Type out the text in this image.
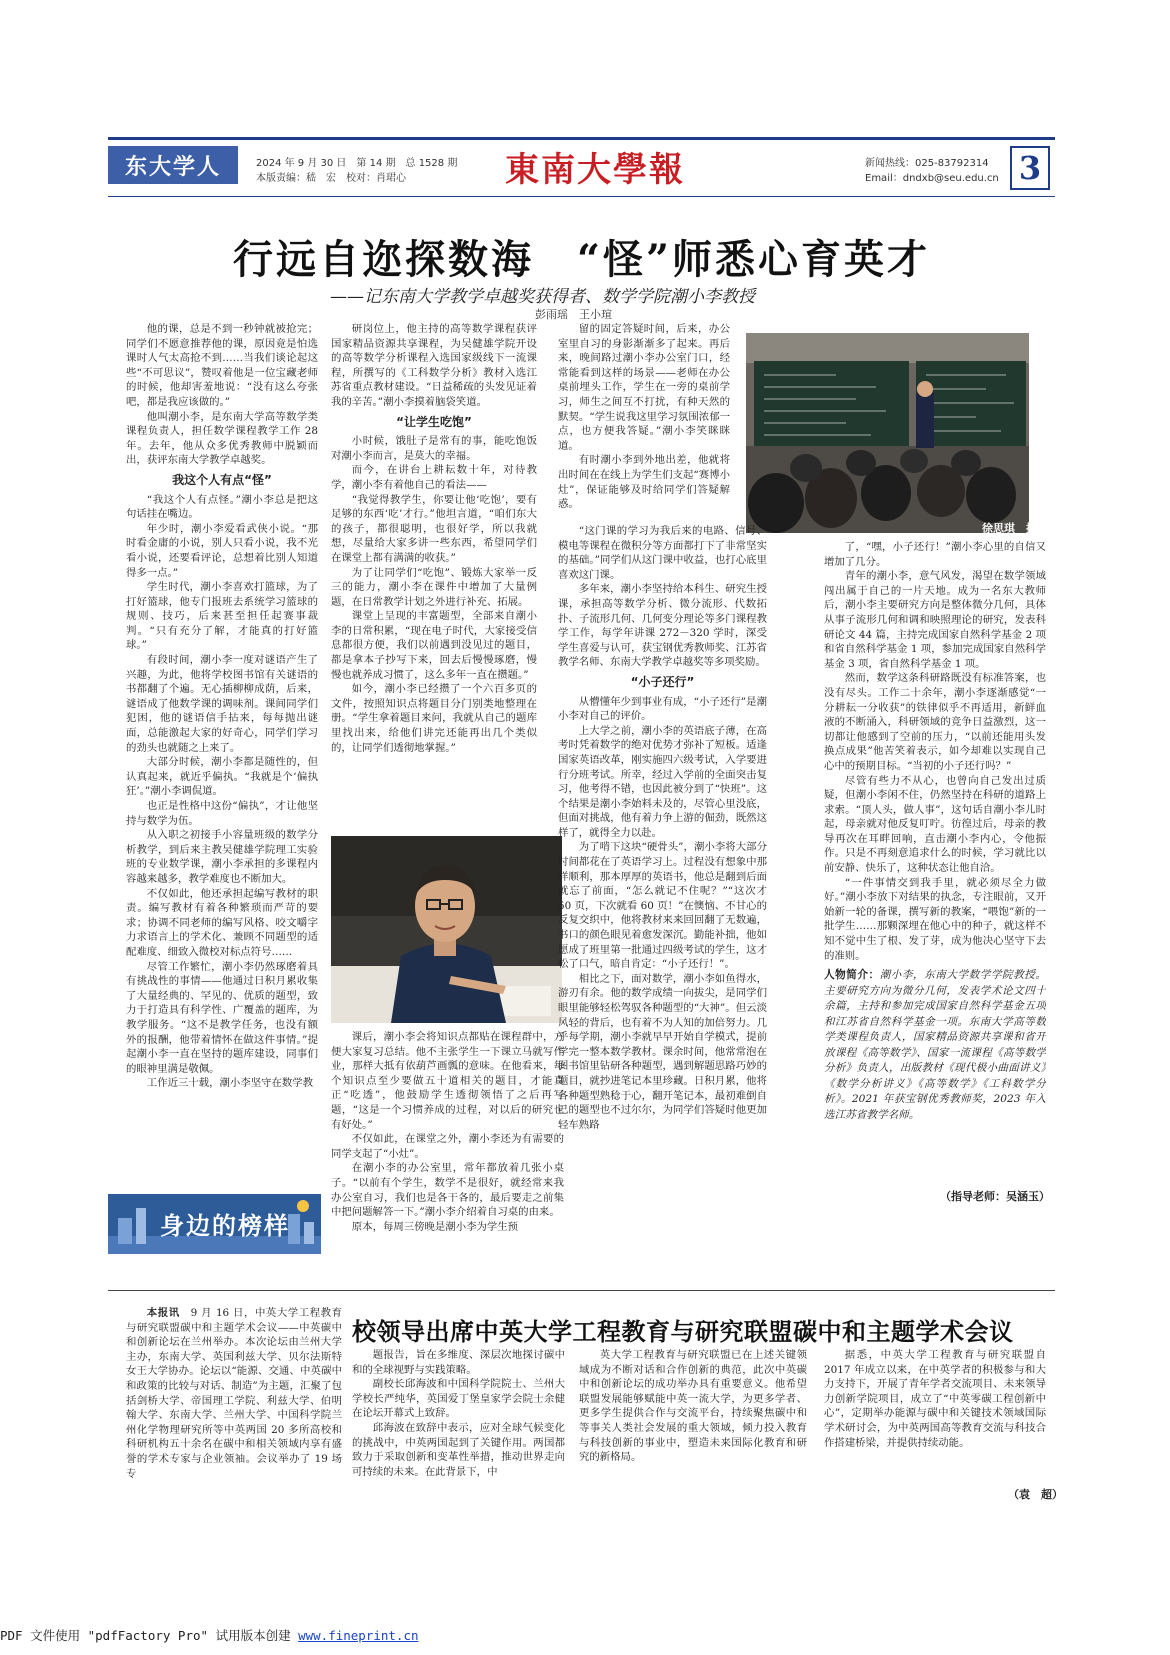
东大学人	2024 年 9 月 30 日　第 14 期　总 1528 期
本版责编：嵇　宏　校对：肖珺心	東南大學報	新闻热线：025-83792314
Email：dndxb@seu.edu.cn 3
行远自迩探数海　“怪”师悉心育英才
——记东南大学教学卓越奖获得者、数学学院潮小李教授
彭雨瑶　王小瑄

他的课，总是不到一秒钟就被抢完；同学们不愿意推荐他的课，原因竟是怕选课时人气太高抢不到……当我们谈论起这些“不可思议”，赞叹着他是一位宝藏老师的时候，他却害羞地说：“没有这么夸张吧，都是我应该做的。”

他叫潮小李，是东南大学高等数学类课程负责人，担任数学课程教学工作 28 年。去年，他从众多优秀教师中脱颖而出，获评东南大学教学卓越奖。

我这个人有点“怪”

“我这个人有点怪。”潮小李总是把这句话挂在嘴边。

年少时，潮小李爱看武侠小说。“那时看金庸的小说，别人只看小说，我不光看小说，还要看评论，总想着比别人知道得多一点。”

学生时代，潮小李喜欢打篮球，为了打好篮球，他专门报班去系统学习篮球的规则、技巧，后来甚至担任起赛事裁判。“只有充分了解，才能真的打好篮球。”

有段时间，潮小李一度对谜语产生了兴趣，为此，他将学校图书馆有关谜语的书都翻了个遍。无心插柳柳成荫，后来，谜语成了他数学课的调味剂。课间同学们犯困，他的谜语信手拈来，每每抛出谜面，总能激起大家的好奇心，同学们学习的劲头也就随之上来了。

大部分时候，潮小李都是随性的，但认真起来，就近乎偏执。“我就是个‘偏执狂’。”潮小李调侃道。

也正是性格中这份“偏执”，才让他坚持与数学为伍。

从入职之初接手小容量班级的数学分析教学，到后来主教吴健雄学院理工实验班的专业数学课，潮小李承担的多课程内容越来越多，教学难度也不断加大。

不仅如此，他还承担起编写教材的职责。编写教材有着各种繁琐而严苛的要求；协调不同老师的编写风格、咬文嚼字力求语言上的学术化、兼顾不同题型的适配难度、细致入微校对标点符号……

尽管工作繁忙，潮小李仍然琢磨着具有挑战性的事情——他通过日积月累收集了大量经典的、罕见的、优质的题型，致力于打造具有科学性、广覆盖的题库，为教学服务。“这不是教学任务，也没有额外的报酬，他带着情怀在做这件事情。”提起潮小李一直在坚持的题库建设，同事们的眼神里满是敬佩。

工作近三十载，潮小李坚守在数学教

研岗位上，他主持的高等数学课程获评国家精品资源共享课程，为吴健雄学院开设的高等数学分析课程入选国家级线下一流课程，所撰写的《工科数学分析》教材入选江苏省重点教材建设。“日益稀疏的头发见证着我的辛苦。”潮小李摸着脑袋笑道。

“让学生吃饱”

小时候，饿肚子是常有的事，能吃饱饭对潮小李而言，是莫大的幸福。

而今，在讲台上耕耘数十年，对待教学，潮小李有着他自己的看法——

“我觉得教学生，你要让他‘吃饱’，要有足够的东西‘吃’才行。”他坦言道，“咱们东大的孩子，都很聪明，也很好学，所以我就想，尽量给大家多讲一些东西，希望同学们在课堂上都有满满的收获。”

为了让同学们“吃饱”、锻炼大家举一反三的能力，潮小李在课件中增加了大量例题，在日常教学计划之外进行补充、拓展。

课堂上呈现的丰富题型，全部来自潮小李的日常积累，“现在电子时代，大家接受信息都很方便，我们以前遇到没见过的题目，都是拿本子抄写下来，回去后慢慢琢磨，慢慢也就养成习惯了，这么多年一直在攒题。”

如今，潮小李已经攒了一个六百多页的文件，按照知识点将题目分门别类地整理在册。“学生拿着题目来问，我就从自己的题库里找出来，给他们讲完还能再出几个类似的，让同学们透彻地掌握。”

课后，潮小李会将知识点都贴在课程群中，方便大家复习总结。他不主张学生一下课立马就写作业，那样大抵有依葫芦画瓢的意味。在他看来，每个知识点至少要做五十道相关的题目，才能真正“吃透”，他鼓励学生透彻领悟了之后再写题，“这是一个习惯养成的过程，对以后的研究也有好处。”

不仅如此，在课堂之外，潮小李还为有需要的同学支起了“小灶”。

在潮小李的办公室里，常年都放着几张小桌子。“以前有个学生，数学不是很好，就经常来我办公室自习，我们也是各干各的，最后要走之前集中把问题解答一下。”潮小李介绍着自习桌的由来。

原本，每周三傍晚是潮小李为学生预

留的固定答疑时间，后来，办公室里自习的身影渐渐多了起来。再后来，晚间路过潮小李办公室门口，经常能看到这样的场景——老师在办公桌前埋头工作，学生在一旁的桌前学习，师生之间互不打扰，有种天然的默契。“学生说我这里学习氛围浓郁一点，也方便我答疑。”潮小李笑眯眯道。

有时潮小李到外地出差，他就将出时间在在线上为学生们支起“赛博小灶”，保证能够及时给同学们答疑解惑。

徐思琪　摄

“这门课的学习为我后来的电路、信号、模电等课程在微积分等方面都打下了非常坚实的基础。”同学们从这门课中收益，也打心底里喜欢这门课。

多年来，潮小李坚持给本科生、研究生授课，承担高等数学分析、微分流形、代数拓扑、子流形几何、几何变分理论等多门课程教学工作，每学年讲课 272－320 学时，深受学生喜爱与认可，获宝钢优秀教师奖、江苏省教学名师、东南大学教学卓越奖等多项奖励。

“小子还行”

从懵懂年少到事业有成，“小子还行”是潮小李对自己的评价。

上大学之前，潮小李的英语底子薄，在高考时凭着数学的绝对优势才弥补了短板。适逢国家英语改革，刚实施四六级考试，入学要进行分班考试。所幸，经过入学前的全面突击复习，他考得不错，也因此被分到了“快班”。这个结果是潮小李始料未及的，尽管心里没底，但面对挑战，他有着力争上游的倔劲，既然这样了，就得全力以赴。

为了啃下这块“硬骨头”，潮小李将大部分时间都花在了英语学习上。过程没有想象中那样顺利，那本厚厚的英语书，他总是翻到后面就忘了前面，“怎么就记不住呢？”“这次才 50 页，下次就看 60 页！”在懊恼、不甘心的反复交织中，他将教材来来回回翻了无数遍，书口的颜色眼见着愈发深沉。勤能补拙，他如愿成了班里第一批通过四级考试的学生，这才松了口气，暗自肯定：“小子还行！”。

相比之下，面对数学，潮小李如鱼得水，游刃有余。他的数学成绩一向拔尖，是同学们眼里能够轻松驾驭各种题型的“大神”。但云淡风轻的背后，也有着不为人知的加倍努力。几乎每学期，潮小李就早早开始自学模式，提前学完一整本数学教材。课余时间，他常常泡在图书馆里钻研各种题型，遇到解题思路巧妙的题目，就抄进笔记本里珍藏。日积月累，他将各种题型熟稔于心，翻开笔记本，最初难倒自己的题型也不过尔尔，为同学们答疑时他更加轻车熟路

了，“嘿，小子还行！”潮小李心里的自信又增加了几分。

青年的潮小李，意气风发，渴望在数学领域闯出属于自己的一片天地。成为一名东大教师后，潮小李主要研究方向是整体微分几何，具体从事子流形几何和调和映照理论的研究，发表科研论文 44 篇，主持完成国家自然科学基金 2 项和省自然科学基金 1 项，参加完成国家自然科学基金 3 项，省自然科学基金 1 项。

然而，数学这条科研路既没有标准答案，也没有尽头。工作二十余年，潮小李逐渐感觉“一分耕耘一分收获”的铁律似乎不再适用，新鲜血液的不断涌入，科研领域的竞争日益激烈，这一切都让他感到了空前的压力，“以前还能用头发换点成果”他苦笑着表示，如今却难以实现自己心中的预期目标。“当初的小子还行吗？”

尽管有些力不从心，也曾向自己发出过质疑，但潮小李闲不住，仍然坚持在科研的道路上求索。“顶人头，做人事”，这句话自潮小李儿时起，母亲就对他反复叮咛。彷徨过后，母亲的教导再次在耳畔回响，直击潮小李内心，令他振作。只是不再刻意追求什么的时候，学习就比以前安静、快乐了，这种状态让他自洽。

“一件事情交到我手里，就必须尽全力做好。”潮小李放下对结果的执念，专注眼前，又开始新一轮的备课，撰写新的教案，“喂饱”新的一批学生……那颗深埋在他心中的种子，就这样不知不觉中生了根、发了芽，成为他决心坚守下去的准则。

人物简介：潮小李，东南大学数学学院教授。主要研究方向为微分几何，发表学术论文四十余篇，主持和参加完成国家自然科学基金五项和江苏省自然科学基金一项。东南大学高等数学类课程负责人，国家精品资源共享课和省开放课程《高等数学》、国家一流课程《高等数学分析》负责人，出版教材《现代极小曲面讲义》《数学分析讲义》《高等数学》《工科数学分析》。2021 年获宝钢优秀教师奖，2023 年入选江苏省教学名师。
（指导老师：吴涵玉）
身边的榜样
校领导出席中英大学工程教育与研究联盟碳中和主题学术会议

本报讯　 9 月 16 日，中英大学工程教育与研究联盟碳中和主题学术会议——中英碳中和创新论坛在兰州举办。本次论坛由兰州大学主办，东南大学、英国利兹大学、贝尔法斯特女王大学协办。论坛以“能源、交通、中英碳中和政策的比较与对话、制造”为主题，汇聚了包括剑桥大学、帝国理工学院、利兹大学、伯明翰大学、东南大学、兰州大学、中国科学院兰州化学物理研究所等中英两国 20 多所高校和科研机构五十余名在碳中和相关领域内享有盛誉的学术专家与企业领袖。会议举办了 19 场专

题报告，旨在多维度、深层次地探讨碳中和的全球视野与实践策略。

副校长邱海波和中国科学院院士、兰州大学校长严纯华，英国爱丁堡皇家学会院士余健在论坛开幕式上致辞。

邱海波在致辞中表示，应对全球气候变化的挑战中，中英两国起到了关键作用。两国都致力于采取创新和变革性举措，推动世界走向可持续的未来。在此背景下，中

英大学工程教育与研究联盟已在上述关键领域成为不断对话和合作创新的典范，此次中英碳中和创新论坛的成功举办具有重要意义。他希望联盟发展能够赋能中英一流大学，为更多学者、更多学生提供合作与交流平台，持续聚焦碳中和等事关人类社会发展的重大领域，倾力投入教育与科技创新的事业中，塑造未来国际化教育和研究的新格局。

据悉，中英大学工程教育与研究联盟自 2017 年成立以来，在中英学者的积极参与和大力支持下，开展了青年学者交流项目、未来领导力创新学院项目，成立了“中英零碳工程创新中心”，定期举办能源与碳中和关键技术领域国际学术研讨会，为中英两国高等教育交流与科技合作搭建桥梁，并提供持续动能。

（袁　超）
PDF 文件使用 "pdfFactory Pro" 试用版本创建 www.fineprint.cn
